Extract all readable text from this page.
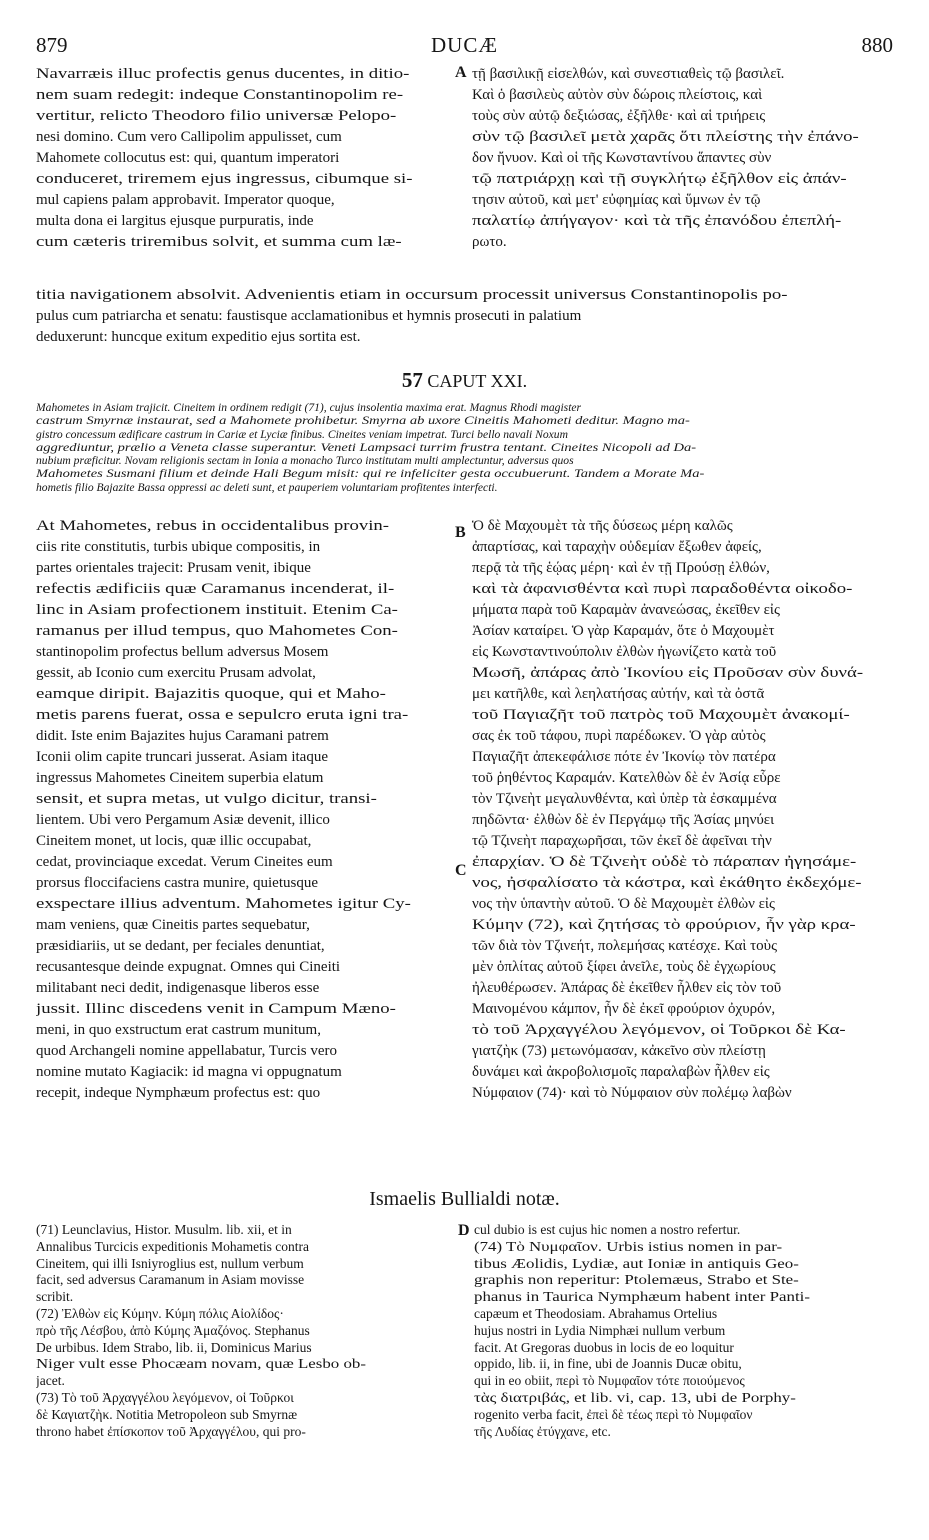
879	DUCÆ	880
Navarræis illuc profectis genus ducentes, in ditio-
nem suam redegit: indeque Constantinopolim re-
vertitur, relicto Theodoro filio universæ Pelopo-
nesi domino. Cum vero Callipolim appulisset, cum
Mahomete collocutus est: qui, quantum imperatori
conduceret, triremem ejus ingressus, cibumque si-
mul capiens palam approbavit. Imperator quoque,
multa dona ei largitus ejusque purpuratis, inde
cum cæteris triremibus solvit, et summa cum læ-
A τῇ βασιλικῇ εἰσελθών, καὶ συνεστιαθεὶς τῷ βασιλεῖ.
Καὶ ὁ βασιλεὺς αὐτὸν σὺν δώροις πλείστοις, καὶ
τοὺς σὺν αὐτῷ δεξιώσας, ἐξῆλθε· καὶ αἱ τριήρεις
σὺν τῷ βασιλεῖ μετὰ χαρᾶς ὅτι πλείστης τὴν ἐπάνο-
δον ἤνυον. Καὶ οἱ τῆς Κωνσταντίνου ἅπαντες σὺν
τῷ πατριάρχῃ καὶ τῇ συγκλήτῳ ἐξῆλθον εἰς ἀπάν-
τησιν αὐτοῦ, καὶ μετ' εὐφημίας καὶ ὕμνων ἐν τῷ
παλατίῳ ἀπήγαγον· καὶ τὰ τῆς ἐπανόδου ἐπεπλή-
ρωτο.
titia navigationem absolvit. Advenientis etiam in occursum processit universus Constantinopolis po-
pulus cum patriarcha et senatu: faustisque acclamationibus et hymnis prosecuti in palatium
deduxerunt: huncque exitum expeditio ejus sortita est.
57 CAPUT XXI.
Mahometes in Asiam trajicit. Cineitem in ordinem redigit (71), cujus insolentia maxima erat. Magnus Rhodi magister
castrum Smyrnæ instaurat, sed a Mahomete prohibetur. Smyrna ab uxore Cineitis Mahometi deditur. Magno ma-
gistro concessum ædificare castrum in Cariæ et Lyciæ finibus. Cineites veniam impetrat. Turci bello navali Noxum
aggrediuntur, prælio a Veneta classe superantur. Veneti Lampsaci turrim frustra tentant. Cineites Nicopoli ad Da-
nubium præficitur. Novam religionis sectam in Ionia a monacho Turco institutam multi amplectuntur, adversus quos
Mahometes Susmani filium et deinde Hali Begum misit: qui re infeliciter gesta occubuerunt. Tandem a Morate Ma-
hometis filio Bajazite Bassa oppressi ac deleti sunt, et pauperiem voluntariam profitentes interfecti.
At Mahometes, rebus in occidentalibus provin-
ciis rite constitutis, turbis ubique compositis, in
partes orientales trajecit: Prusam venit, ibique
refectis ædificiis quæ Caramanus incenderat, il-
linc in Asiam profectionem instituit. Etenim Ca-
ramanus per illud tempus, quo Mahometes Con-
stantinopolim profectus bellum adversus Mosem
gessit, ab Iconio cum exercitu Prusam advolat,
eamque diripit. Bajazitis quoque, qui et Maho-
metis parens fuerat, ossa e sepulcro eruta igni tra-
didit. Iste enim Bajazites hujus Caramani patrem
Iconii olim capite truncari jusserat. Asiam itaque
ingressus Mahometes Cineitem superbia elatum
sensit, et supra metas, ut vulgo dicitur, transi-
lientem. Ubi vero Pergamum Asiæ devenit, illico
Cineitem monet, ut locis, quæ illic occupabat,
cedat, provinciaque excedat. Verum Cineites eum
prorsus floccifaciens castra munire, quietusque
exspectare illius adventum. Mahometes igitur Cy-
mam veniens, quæ Cineitis partes sequebatur,
præsidiariis, ut se dedant, per feciales denuntiat,
recusantesque deinde expugnat. Omnes qui Cineiti
militabant neci dedit, indigenasque liberos esse
jussit. Illinc discedens venit in Campum Mæno-
meni, in quo exstructum erat castrum munitum,
quod Archangeli nomine appellabatur, Turcis vero
nomine mutato Kagiacik: id magna vi oppugnatum
recepit, indeque Nymphæum profectus est: quo
B
C
Ὁ δὲ Μαχουμὲτ τὰ τῆς δύσεως μέρη καλῶς
ἀπαρτίσας, καὶ ταραχὴν οὐδεμίαν ἔξωθεν ἀφείς,
περᾷ τὰ τῆς ἑῴας μέρη· καὶ ἐν τῇ Προύσῃ ἐλθών,
καὶ τὰ ἀφανισθέντα καὶ πυρὶ παραδοθέντα οἰκοδο-
μήματα παρὰ τοῦ Καραμὰν ἀνανεώσας, ἐκεῖθεν εἰς
Ἀσίαν καταίρει. Ὁ γὰρ Καραμάν, ὅτε ὁ Μαχουμὲτ
εἰς Κωνσταντινούπολιν ἐλθὼν ἠγωνίζετο κατὰ τοῦ
Μωσῆ, ἀπάρας ἀπὸ Ἰκονίου εἰς Προῦσαν σὺν δυνά-
μει κατῆλθε, καὶ λεηλατήσας αὐτήν, καὶ τὰ ὀστᾶ
τοῦ Παγιαζῆτ τοῦ πατρὸς τοῦ Μαχουμὲτ ἀνακομί-
σας ἐκ τοῦ τάφου, πυρὶ παρέδωκεν. Ὁ γὰρ αὐτὸς
Παγιαζῆτ ἀπεκεφάλισε πότε ἐν Ἰκονίῳ τὸν πατέρα
τοῦ ῥηθέντος Καραμάν. Κατελθὼν δὲ ἐν Ἀσίᾳ εὗρε
τὸν Τζινεὴτ μεγαλυνθέντα, καὶ ὑπὲρ τὰ ἐσκαμμένα
πηδῶντα· ἐλθὼν δὲ ἐν Περγάμῳ τῆς Ἀσίας μηνύει
τῷ Τζινεὴτ παραχωρῆσαι, τῶν ἐκεῖ δὲ ἀφεῖναι τὴν
ἐπαρχίαν. Ὁ δὲ Τζινεὴτ οὐδὲ τὸ πάραπαν ἠγησάμε-
νος, ἠσφαλίσατο τὰ κάστρα, καὶ ἐκάθητο ἐκδεχόμε-
νος τὴν ὑπαντὴν αὐτοῦ. Ὁ δὲ Μαχουμὲτ ἐλθὼν εἰς
Κύμην (72), καὶ ζητήσας τὸ φρούριον, ἦν γὰρ κρα-
τῶν διὰ τὸν Τζινεήτ, πολεμήσας κατέσχε. Καὶ τοὺς
μὲν ὁπλίτας αὐτοῦ ξίφει ἀνεῖλε, τοὺς δὲ ἐγχωρίους
ἠλευθέρωσεν. Ἀπάρας δὲ ἐκεῖθεν ἦλθεν εἰς τὸν τοῦ
Μαινομένου κάμπον, ἦν δὲ ἐκεῖ φρούριον ὀχυρόν,
τὸ τοῦ Ἀρχαγγέλου λεγόμενον, οἱ Τοῦρκοι δὲ Κα-
γιατζὴκ (73) μετωνόμασαν, κἀκεῖνο σὺν πλείστῃ
δυνάμει καὶ ἀκροβολισμοῖς παραλαβὼν ἦλθεν εἰς
Νύμφαιον (74)· καὶ τὸ Νύμφαιον σὺν πολέμῳ λαβὼν
Ismaelis Bullialdi notæ.
(71) Leunclavius, Histor. Musulm. lib. xii, et in
Annalibus Turcicis expeditionis Mohametis contra
Cineitem, qui illi Isniyroglius est, nullum verbum
facit, sed adversus Caramanum in Asiam movisse
scribit.
(72) Ἐλθὼν εἰς Κύμην. Κύμη πόλις Αἰολίδος·
πρὸ τῆς Λέσβου, ἀπὸ Κύμης Ἀμαζόνος. Stephanus
De urbibus. Idem Strabo, lib. ii, Dominicus Marius
Niger vult esse Phocæam novam, quæ Lesbo ob-
jacet.
(73) Τὸ τοῦ Ἀρχαγγέλου λεγόμενον, οἱ Τοῦρκοι
δὲ Καγιατζὴκ. Notitia Metropoleon sub Smyrnæ
throno habet ἐπίσκοπον τοῦ Ἀρχαγγέλου, qui pro-
D cul dubio is est cujus hic nomen a nostro refertur.
(74) Τὸ Νυμφαῖον. Urbis istius nomen in par-
tibus Æolidis, Lydiæ, aut Ioniæ in antiquis Geo-
graphis non reperitur: Ptolemæus, Strabo et Ste-
phanus in Taurica Nymphæum habent inter Panti-
capæum et Theodosiam. Abrahamus Ortelius
hujus nostri in Lydia Nimphæi nullum verbum
facit. At Gregoras duobus in locis de eo loquitur
oppido, lib. ii, in fine, ubi de Joannis Ducæ obitu,
qui in eo obiit, περὶ τὸ Νυμφαῖον τότε ποιούμενος
τὰς διατριβάς, et lib. vi, cap. 13, ubi de Porphy-
rogenito verba facit, ἐπεὶ δὲ τέως περὶ τὸ Νυμφαῖον
τῆς Λυδίας ἐτύγχανε, etc.
